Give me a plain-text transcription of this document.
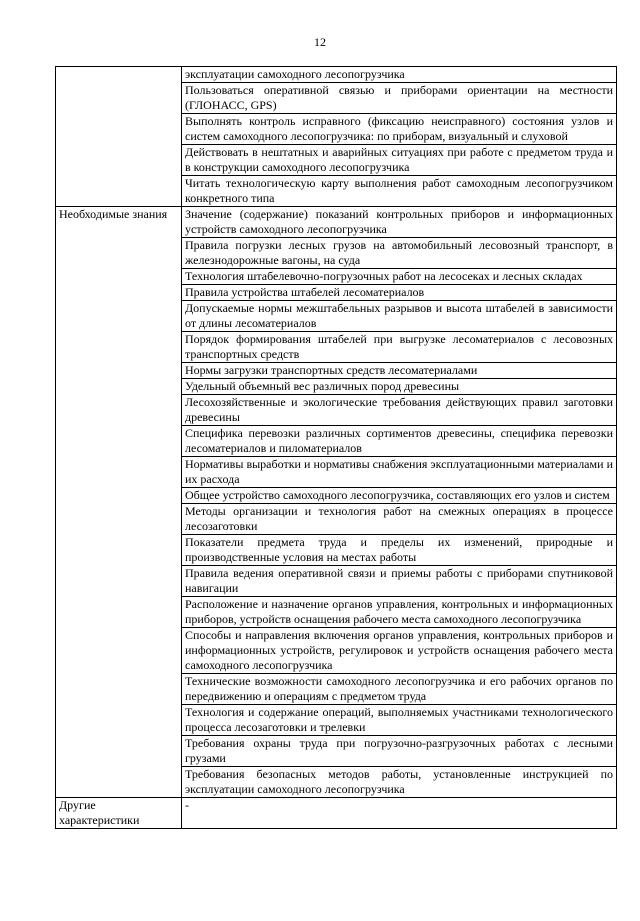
12
	эксплуатации самоходного лесопогрузчика
	Пользоваться оперативной связью и приборами ориентации на местности (ГЛОНАСС, GPS)
	Выполнять контроль исправного (фиксацию неисправного) состояния узлов и систем самоходного лесопогрузчика: по приборам, визуальный и слуховой
	Действовать в нештатных и аварийных ситуациях при работе с предметом труда и в конструкции самоходного лесопогрузчика
	Читать технологическую карту выполнения работ самоходным лесопогрузчиком конкретного типа
Необходимые знания	Значение (содержание) показаний контрольных приборов и информационных устройств самоходного лесопогрузчика
	Правила погрузки лесных грузов на автомобильный лесовозный транспорт, в железнодорожные вагоны, на суда
	Технология штабелевочно-погрузочных работ на лесосеках и лесных складах
	Правила устройства штабелей лесоматериалов
	Допускаемые нормы межштабельных разрывов и высота штабелей в зависимости от длины лесоматериалов
	Порядок формирования штабелей при выгрузке лесоматериалов с лесовозных транспортных средств
	Нормы загрузки транспортных средств лесоматериалами
	Удельный объемный вес различных пород древесины
	Лесохозяйственные и экологические требования действующих правил заготовки древесины
	Специфика перевозки различных сортиментов древесины, специфика перевозки лесоматериалов и пиломатериалов
	Нормативы выработки и нормативы снабжения эксплуатационными материалами и их расхода
	Общее устройство самоходного лесопогрузчика, составляющих его узлов и систем
	Методы организации и технология работ на смежных операциях в процессе лесозаготовки
	Показатели предмета труда и пределы их изменений, природные и производственные условия на местах работы
	Правила ведения оперативной связи и приемы работы с приборами спутниковой навигации
	Расположение и назначение органов управления, контрольных и информационных приборов, устройств оснащения рабочего места самоходного лесопогрузчика
	Способы и направления включения органов управления, контрольных приборов и информационных устройств, регулировок и устройств оснащения рабочего места самоходного лесопогрузчика
	Технические возможности самоходного лесопогрузчика и его рабочих органов по передвижению и операциям с предметом труда
	Технология и содержание операций, выполняемых участниками технологического процесса лесозаготовки и трелевки
	Требования охраны труда при погрузочно-разгрузочных работах с лесными грузами
	Требования безопасных методов работы, установленные инструкцией по эксплуатации самоходного лесопогрузчика
Другие характеристики	-
